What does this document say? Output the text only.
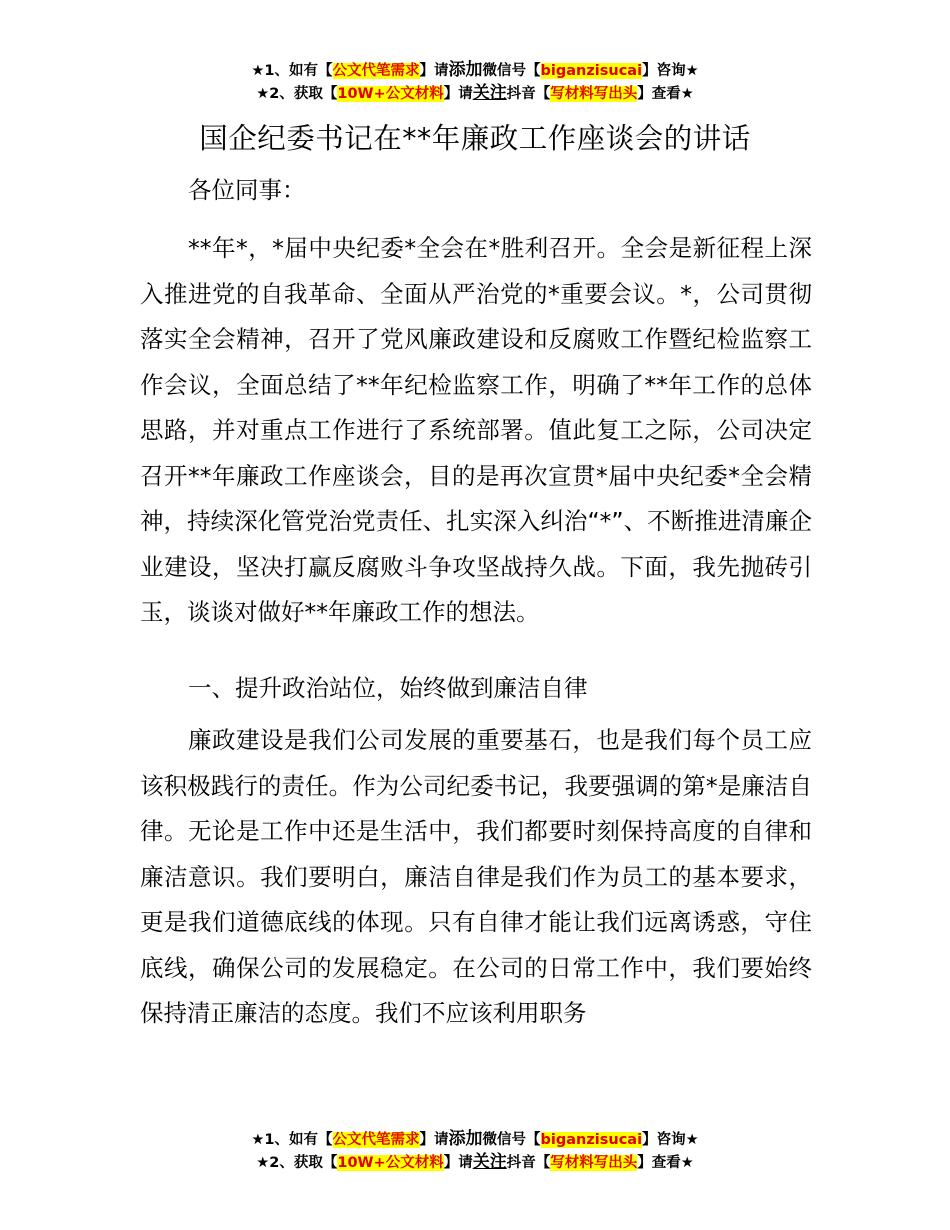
★1、如有【公文代笔需求】请添加微信号【biganzisucai】咨询★
★2、获取【10W+公文材料】请关注抖音【写材料写出头】查看★
国企纪委书记在**年廉政工作座谈会的讲话

各位同事：

**年*，*届中央纪委*全会在*胜利召开。全会是新征程上深入推进党的自我革命、全面从严治党的*重要会议。*，公司贯彻落实全会精神，召开了党风廉政建设和反腐败工作暨纪检监察工作会议，全面总结了**年纪检监察工作，明确了**年工作的总体思路，并对重点工作进行了系统部署。值此复工之际，公司决定召开**年廉政工作座谈会，目的是再次宣贯*届中央纪委*全会精神，持续深化管党治党责任、扎实深入纠治“*”、不断推进清廉企业建设，坚决打赢反腐败斗争攻坚战持久战。下面，我先抛砖引玉，谈谈对做好**年廉政工作的想法。

一、提升政治站位，始终做到廉洁自律

廉政建设是我们公司发展的重要基石，也是我们每个员工应该积极践行的责任。作为公司纪委书记，我要强调的第*是廉洁自律。无论是工作中还是生活中，我们都要时刻保持高度的自律和廉洁意识。我们要明白，廉洁自律是我们作为员工的基本要求，更是我们道德底线的体现。只有自律才能让我们远离诱惑，守住底线，确保公司的发展稳定。在公司的日常工作中，我们要始终保持清正廉洁的态度。我们不应该利用职务

★1、如有【公文代笔需求】请添加微信号【biganzisucai】咨询★
★2、获取【10W+公文材料】请关注抖音【写材料写出头】查看★
